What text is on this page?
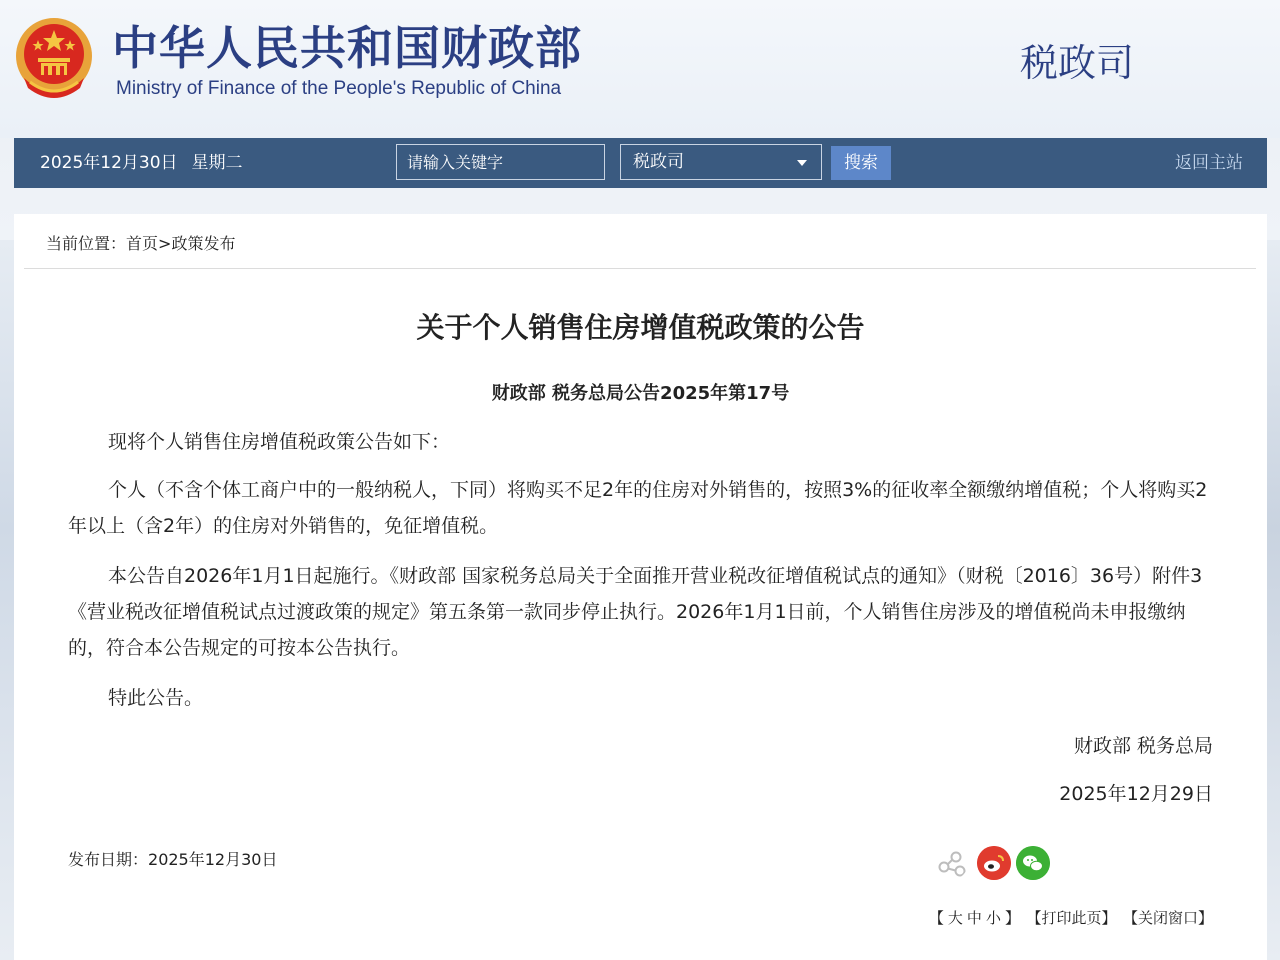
中华人民共和国财政部
Ministry of Finance of the People's Republic of China
税政司
2025年12月30日 星期二
请输入关键字	税政司	搜索	返回主站
当前位置：首页>政策发布
关于个人销售住房增值税政策的公告
财政部 税务总局公告2025年第17号

现将个人销售住房增值税政策公告如下：

个人（不含个体工商户中的一般纳税人，下同）将购买不足2年的住房对外销售的，按照3%的征收率全额缴纳增值税；个人将购买2年以上（含2年）的住房对外销售的，免征增值税。

本公告自2026年1月1日起施行。《财政部 国家税务总局关于全面推开营业税改征增值税试点的通知》（财税〔2016〕36号）附件3《营业税改征增值税试点过渡政策的规定》第五条第一款同步停止执行。2026年1月1日前，个人销售住房涉及的增值税尚未申报缴纳的，符合本公告规定的可按本公告执行。

特此公告。

财政部 税务总局
2025年12月29日
发布日期：2025年12月30日
【 大 中 小 】 【打印此页】 【关闭窗口】
